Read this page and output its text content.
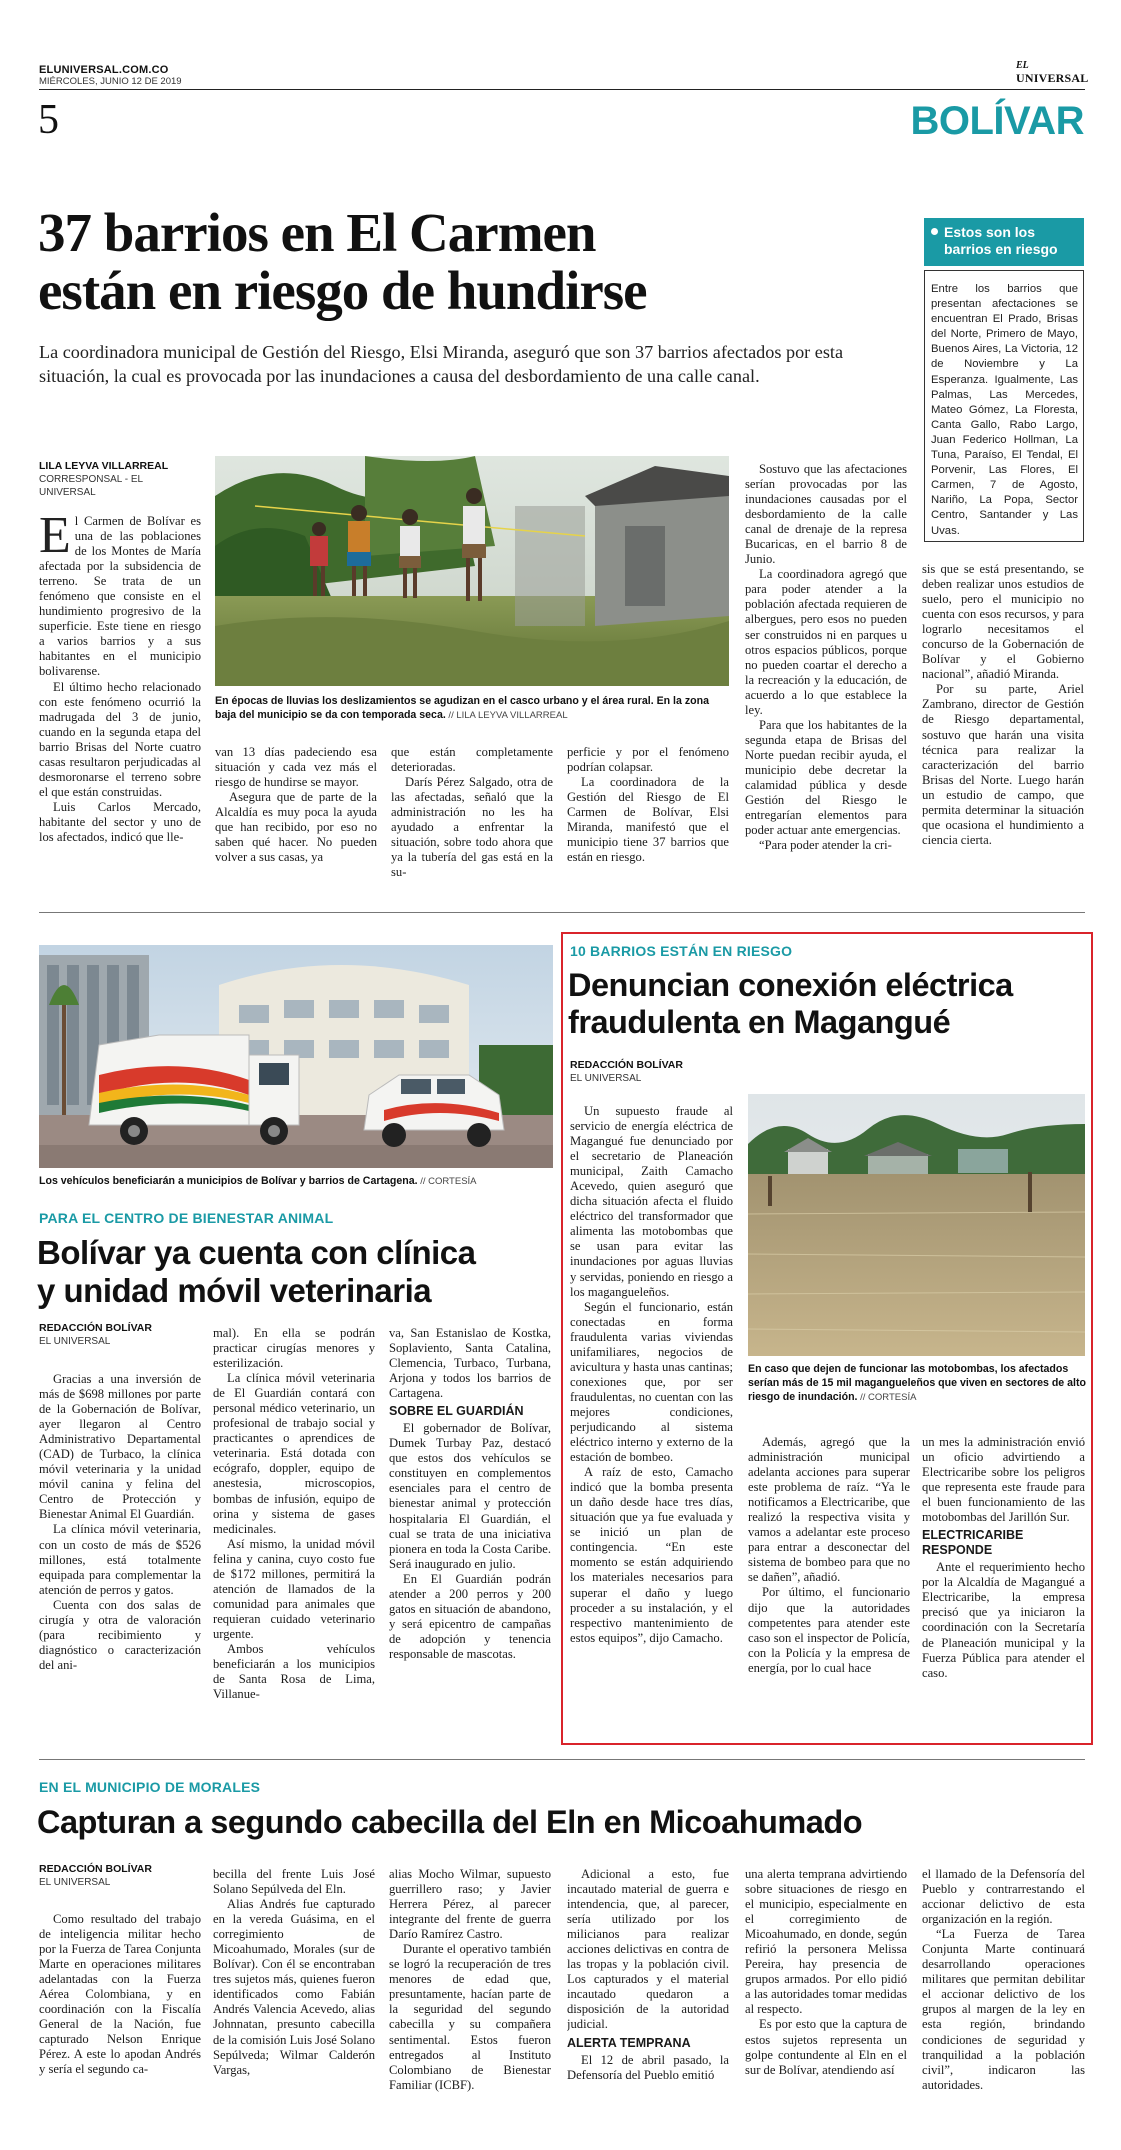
ELUNIVERSAL.COM.CO
MIÉRCOLES, JUNIO 12 DE 2019
EL
UNIVERSAL
5	BOLÍVAR
37 barrios en El Carmen
están en riesgo de hundirse
La coordinadora municipal de Gestión del Riesgo, Elsi Miranda, aseguró que son 37 barrios afectados por esta situación, la cual es provocada por las inundaciones a causa del desbordamiento de una calle canal.
Estos son los barrios en riesgo
Entre los barrios que presentan afectaciones se encuentran El Prado, Brisas del Norte, Primero de Mayo, Buenos Aires, La Victoria, 12 de Noviembre y La Esperanza. Igualmente, Las Palmas, Las Mercedes, Mateo Gómez, La Floresta, Canta Gallo, Rabo Largo, Juan Federico Hollman, La Tuna, Paraíso, El Tendal, El Porvenir, Las Flores, El Carmen, 7 de Agosto, Nariño, La Popa, Sector Centro, Santander y Las Uvas.
LILA LEYVA VILLARREAL
CORRESPONSAL - EL UNIVERSAL
En épocas de lluvias los deslizamientos se agudizan en el casco urbano y el área rural. En la zona baja del municipio se da con temporada seca. // LILA LEYVA VILLARREAL

El Carmen de Bolívar es una de las poblaciones de los Montes de María afectada por la subsidencia de terreno. Se trata de un fenómeno que consiste en el hundimiento progresivo de la superficie. Este tiene en riesgo a varios barrios y a sus habitantes en el municipio bolivarense.

El último hecho relacionado con este fenómeno ocurrió la madrugada del 3 de junio, cuando en la segunda etapa del barrio Brisas del Norte cuatro casas resultaron perjudicadas al desmoronarse el terreno sobre el que están construidas.

Luis Carlos Mercado, habitante del sector y uno de los afectados, indicó que lle-

van 13 días padeciendo esa situación y cada vez más el riesgo de hundirse se mayor.

Asegura que de parte de la Alcaldía es muy poca la ayuda que han recibido, por eso no saben qué hacer. No pueden volver a sus casas, ya

que están completamente deterioradas.

Darís Pérez Salgado, otra de las afectadas, señaló que la administración no les ha ayudado a enfrentar la situación, sobre todo ahora que ya la tubería del gas está en la su-

perficie y por el fenómeno podrían colapsar.

La coordinadora de la Gestión del Riesgo de El Carmen de Bolívar, Elsi Miranda, manifestó que el municipio tiene 37 barrios que están en riesgo.

Sostuvo que las afectaciones serían provocadas por las inundaciones causadas por el desbordamiento de la calle canal de drenaje de la represa Bucaricas, en el barrio 8 de Junio.

La coordinadora agregó que para poder atender a la población afectada requieren de albergues, pero esos no pueden ser construidos ni en parques u otros espacios públicos, porque no pueden coartar el derecho a la recreación y la educación, de acuerdo a lo que establece la ley.

Para que los habitantes de la segunda etapa de Brisas del Norte puedan recibir ayuda, el municipio debe decretar la calamidad pública y desde Gestión del Riesgo le entregarían elementos para poder actuar ante emergencias.

“Para poder atender la cri-

sis que se está presentando, se deben realizar unos estudios de suelo, pero el municipio no cuenta con esos recursos, y para lograrlo necesitamos el concurso de la Gobernación de Bolívar y el Gobierno nacional”, añadió Miranda.

Por su parte, Ariel Zambrano, director de Gestión de Riesgo departamental, sostuvo que harán una visita técnica para realizar la caracterización del barrio Brisas del Norte. Luego harán un estudio de campo, que permita determinar la situación que ocasiona el hundimiento a ciencia cierta.

Los vehículos beneficiarán a municipios de Bolívar y barrios de Cartagena. // CORTESÍA
PARA EL CENTRO DE BIENESTAR ANIMAL
Bolívar ya cuenta con clínica
y unidad móvil veterinaria
REDACCIÓN BOLÍVAR
EL UNIVERSAL

Gracias a una inversión de más de $698 millones por parte de la Gobernación de Bolívar, ayer llegaron al Centro Administrativo Departamental (CAD) de Turbaco, la clínica móvil veterinaria y la unidad móvil canina y felina del Centro de Protección y Bienestar Animal El Guardián.

La clínica móvil veterinaria, con un costo de más de $526 millones, está totalmente equipada para complementar la atención de perros y gatos.

Cuenta con dos salas de cirugía y otra de valoración (para recibimiento y diagnóstico o caracterización del ani-

mal). En ella se podrán practicar cirugías menores y esterilización.

La clínica móvil veterinaria de El Guardián contará con personal médico veterinario, un profesional de trabajo social y practicantes o aprendices de veterinaria. Está dotada con ecógrafo, doppler, equipo de anestesia, microscopios, bombas de infusión, equipo de orina y sistema de gases medicinales.

Así mismo, la unidad móvil felina y canina, cuyo costo fue de $172 millones, permitirá la atención de llamados de la comunidad para animales que requieran cuidado veterinario urgente.

Ambos vehículos beneficiarán a los municipios de Santa Rosa de Lima, Villanue-

va, San Estanislao de Kostka, Soplaviento, Santa Catalina, Clemencia, Turbaco, Turbana, Arjona y todos los barrios de Cartagena.

SOBRE EL GUARDIÁN

El gobernador de Bolívar, Dumek Turbay Paz, destacó que estos dos vehículos se constituyen en complementos esenciales para el centro de bienestar animal y protección hospitalaria El Guardián, el cual se trata de una iniciativa pionera en toda la Costa Caribe. Será inaugurado en julio.

En El Guardián podrán atender a 200 perros y 200 gatos en situación de abandono, y será epicentro de campañas de adopción y tenencia responsable de mascotas.

10 BARRIOS ESTÁN EN RIESGO
Denuncian conexión eléctrica
fraudulenta en Magangué
REDACCIÓN BOLÍVAR
EL UNIVERSAL
En caso que dejen de funcionar las motobombas, los afectados serían más de 15 mil magangueleños que viven en sectores de alto riesgo de inundación. // CORTESÍA

Un supuesto fraude al servicio de energía eléctrica de Magangué fue denunciado por el secretario de Planeación municipal, Zaith Camacho Acevedo, quien aseguró que dicha situación afecta el fluido eléctrico del transformador que alimenta las motobombas que se usan para evitar las inundaciones por aguas lluvias y servidas, poniendo en riesgo a los magangueleños.

Según el funcionario, están conectadas en forma fraudulenta varias viviendas unifamiliares, negocios de avicultura y hasta unas cantinas; conexiones que, por ser fraudulentas, no cuentan con las mejores condiciones, perjudicando al sistema eléctrico interno y externo de la estación de bombeo.

A raíz de esto, Camacho indicó que la bomba presenta un daño desde hace tres días, situación que ya fue evaluada y se inició un plan de contingencia. “En este momento se están adquiriendo los materiales necesarios para superar el daño y luego proceder a su instalación, y el respectivo mantenimiento de estos equipos”, dijo Camacho.

Además, agregó que la administración municipal adelanta acciones para superar este problema de raíz. “Ya le notificamos a Electricaribe, que realizó la respectiva visita y vamos a adelantar este proceso para entrar a desconectar del sistema de bombeo para que no se dañen”, añadió.

Por último, el funcionario dijo que la autoridades competentes para atender este caso son el inspector de Policía, con la Policía y la empresa de energía, por lo cual hace

un mes la administración envió un oficio advirtiendo a Electricaribe sobre los peligros que representa este fraude para el buen funcionamiento de las motobombas del Jarillón Sur.

ELECTRICARIBE RESPONDE

Ante el requerimiento hecho por la Alcaldía de Magangué a Electricaribe, la empresa precisó que ya iniciaron la coordinación con la Secretaría de Planeación municipal y la Fuerza Pública para atender el caso.

EN EL MUNICIPIO DE MORALES
Capturan a segundo cabecilla del Eln en Micoahumado
REDACCIÓN BOLÍVAR
EL UNIVERSAL

Como resultado del trabajo de inteligencia militar hecho por la Fuerza de Tarea Conjunta Marte en operaciones militares adelantadas con la Fuerza Aérea Colombiana, y en coordinación con la Fiscalía General de la Nación, fue capturado Nelson Enrique Pérez. A este lo apodan Andrés y sería el segundo ca-

becilla del frente Luis José Solano Sepúlveda del Eln.

Alias Andrés fue capturado en la vereda Guásima, en el corregimiento de Micoahumado, Morales (sur de Bolívar). Con él se encontraban tres sujetos más, quienes fueron identificados como Fabián Andrés Valencia Acevedo, alias Johnnatan, presunto cabecilla de la comisión Luis José Solano Sepúlveda; Wilmar Calderón Vargas,

alias Mocho Wilmar, supuesto guerrillero raso; y Javier Herrera Pérez, al parecer integrante del frente de guerra Darío Ramírez Castro.

Durante el operativo también se logró la recuperación de tres menores de edad que, presuntamente, hacían parte de la seguridad del segundo cabecilla y su compañera sentimental. Estos fueron entregados al Instituto Colombiano de Bienestar Familiar (ICBF).

Adicional a esto, fue incautado material de guerra e intendencia, que, al parecer, sería utilizado por los milicianos para realizar acciones delictivas en contra de las tropas y la población civil. Los capturados y el material incautado quedaron a disposición de la autoridad judicial.

ALERTA TEMPRANA

El 12 de abril pasado, la Defensoría del Pueblo emitió

una alerta temprana advirtiendo sobre situaciones de riesgo en el municipio, especialmente en el corregimiento de Micoahumado, en donde, según refirió la personera Melissa Pereira, hay presencia de grupos armados. Por ello pidió a las autoridades tomar medidas al respecto.

Es por esto que la captura de estos sujetos representa un golpe contundente al Eln en el sur de Bolívar, atendiendo así

el llamado de la Defensoría del Pueblo y contrarrestando el accionar delictivo de esta organización en la región.

“La Fuerza de Tarea Conjunta Marte continuará desarrollando operaciones militares que permitan debilitar el accionar delictivo de los grupos al margen de la ley en esta región, brindando condiciones de seguridad y tranquilidad a la población civil”, indicaron las autoridades.
